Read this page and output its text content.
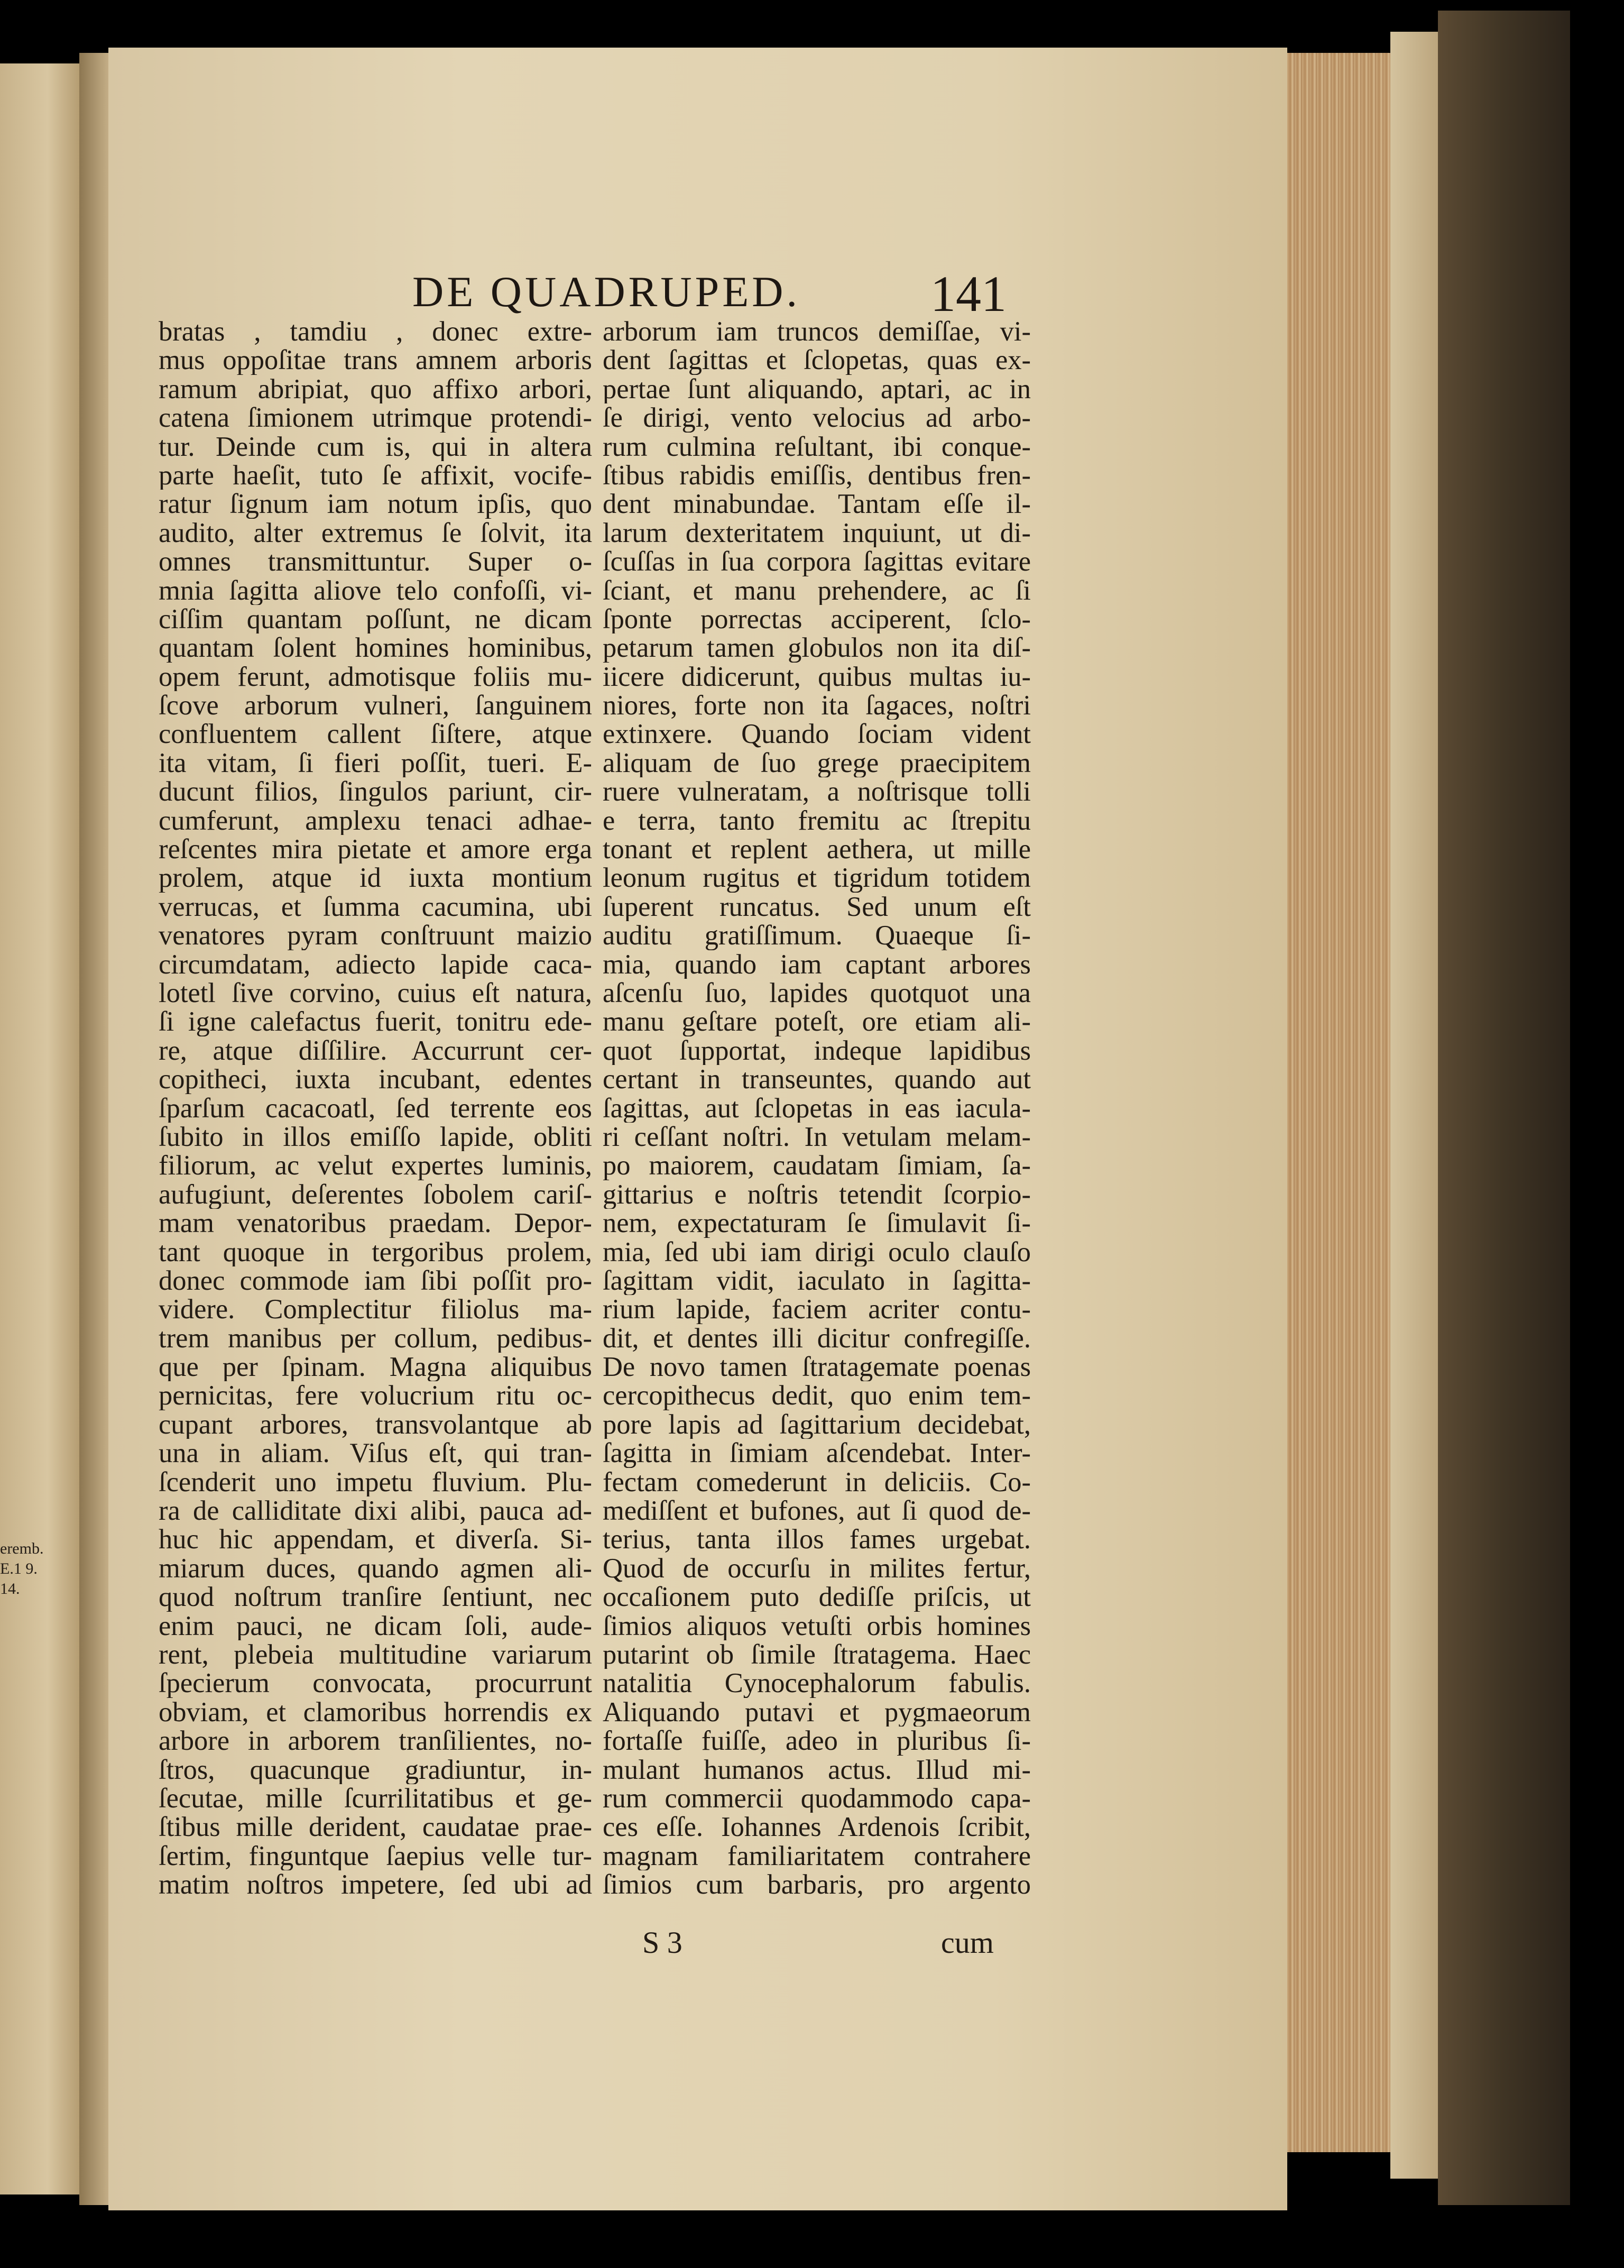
eremb.
E.1 9.
14.
DE QUADRUPED.	141
bratas , tamdiu , donec extre-
mus oppoſitae trans amnem arboris
ramum abripiat, quo affixo arbori,
catena ſimionem utrimque protendi-
tur. Deinde cum is, qui in altera
parte haeſit, tuto ſe affixit, vocife-
ratur ſignum iam notum ipſis, quo
audito, alter extremus ſe ſolvit, ita
omnes transmittuntur. Super o-
mnia ſagitta aliove telo confoſſi, vi-
ciſſim quantam poſſunt, ne dicam
quantam ſolent homines hominibus,
opem ferunt, admotisque foliis mu-
ſcove arborum vulneri, ſanguinem
confluentem callent ſiſtere, atque
ita vitam, ſi fieri poſſit, tueri. E-
ducunt filios, ſingulos pariunt, cir-
cumferunt, amplexu tenaci adhae-
reſcentes mira pietate et amore erga
prolem, atque id iuxta montium
verrucas, et ſumma cacumina, ubi
venatores pyram conſtruunt maizio
circumdatam, adiecto lapide caca-
lotetl ſive corvino, cuius eſt natura,
ſi igne calefactus fuerit, tonitru ede-
re, atque diſſilire. Accurrunt cer-
copitheci, iuxta incubant, edentes
ſparſum cacacoatl, ſed terrente eos
ſubito in illos emiſſo lapide, obliti
filiorum, ac velut expertes luminis,
aufugiunt, deſerentes ſobolem cariſ-
mam venatoribus praedam. Depor-
tant quoque in tergoribus prolem,
donec commode iam ſibi poſſit pro-
videre. Complectitur filiolus ma-
trem manibus per collum, pedibus-
que per ſpinam. Magna aliquibus
pernicitas, fere volucrium ritu oc-
cupant arbores, transvolantque ab
una in aliam. Viſus eſt, qui tran-
ſcenderit uno impetu fluvium. Plu-
ra de calliditate dixi alibi, pauca ad-
huc hic appendam, et diverſa. Si-
miarum duces, quando agmen ali-
quod noſtrum tranſire ſentiunt, nec
enim pauci, ne dicam ſoli, aude-
rent, plebeia multitudine variarum
ſpecierum convocata, procurrunt
obviam, et clamoribus horrendis ex
arbore in arborem tranſilientes, no-
ſtros, quacunque gradiuntur, in-
ſecutae, mille ſcurrilitatibus et ge-
ſtibus mille derident, caudatae prae-
ſertim, finguntque ſaepius velle tur-
matim noſtros impetere, ſed ubi ad
arborum iam truncos demiſſae, vi-
dent ſagittas et ſclopetas, quas ex-
pertae ſunt aliquando, aptari, ac in
ſe dirigi, vento velocius ad arbo-
rum culmina reſultant, ibi conque-
ſtibus rabidis emiſſis, dentibus fren-
dent minabundae. Tantam eſſe il-
larum dexteritatem inquiunt, ut di-
ſcuſſas in ſua corpora ſagittas evitare
ſciant, et manu prehendere, ac ſi
ſponte porrectas acciperent, ſclo-
petarum tamen globulos non ita diſ-
iicere didicerunt, quibus multas iu-
niores, forte non ita ſagaces, noſtri
extinxere. Quando ſociam vident
aliquam de ſuo grege praecipitem
ruere vulneratam, a noſtrisque tolli
e terra, tanto fremitu ac ſtrepitu
tonant et replent aethera, ut mille
leonum rugitus et tigridum totidem
ſuperent runcatus. Sed unum eſt
auditu gratiſſimum. Quaeque ſi-
mia, quando iam captant arbores
aſcenſu ſuo, lapides quotquot una
manu geſtare poteſt, ore etiam ali-
quot ſupportat, indeque lapidibus
certant in transeuntes, quando aut
ſagittas, aut ſclopetas in eas iacula-
ri ceſſant noſtri. In vetulam melam-
po maiorem, caudatam ſimiam, ſa-
gittarius e noſtris tetendit ſcorpio-
nem, expectaturam ſe ſimulavit ſi-
mia, ſed ubi iam dirigi oculo clauſo
ſagittam vidit, iaculato in ſagitta-
rium lapide, faciem acriter contu-
dit, et dentes illi dicitur confregiſſe.
De novo tamen ſtratagemate poenas
cercopithecus dedit, quo enim tem-
pore lapis ad ſagittarium decidebat,
ſagitta in ſimiam aſcendebat. Inter-
fectam comederunt in deliciis. Co-
mediſſent et bufones, aut ſi quod de-
terius, tanta illos fames urgebat.
Quod de occurſu in milites fertur,
occaſionem puto dediſſe priſcis, ut
ſimios aliquos vetuſti orbis homines
putarint ob ſimile ſtratagema. Haec
natalitia Cynocephalorum fabulis.
Aliquando putavi et pygmaeorum
fortaſſe fuiſſe, adeo in pluribus ſi-
mulant humanos actus. Illud mi-
rum commercii quodammodo capa-
ces eſſe. Iohannes Ardenois ſcribit,
magnam familiaritatem contrahere
ſimios cum barbaris, pro argento
S 3	cum
